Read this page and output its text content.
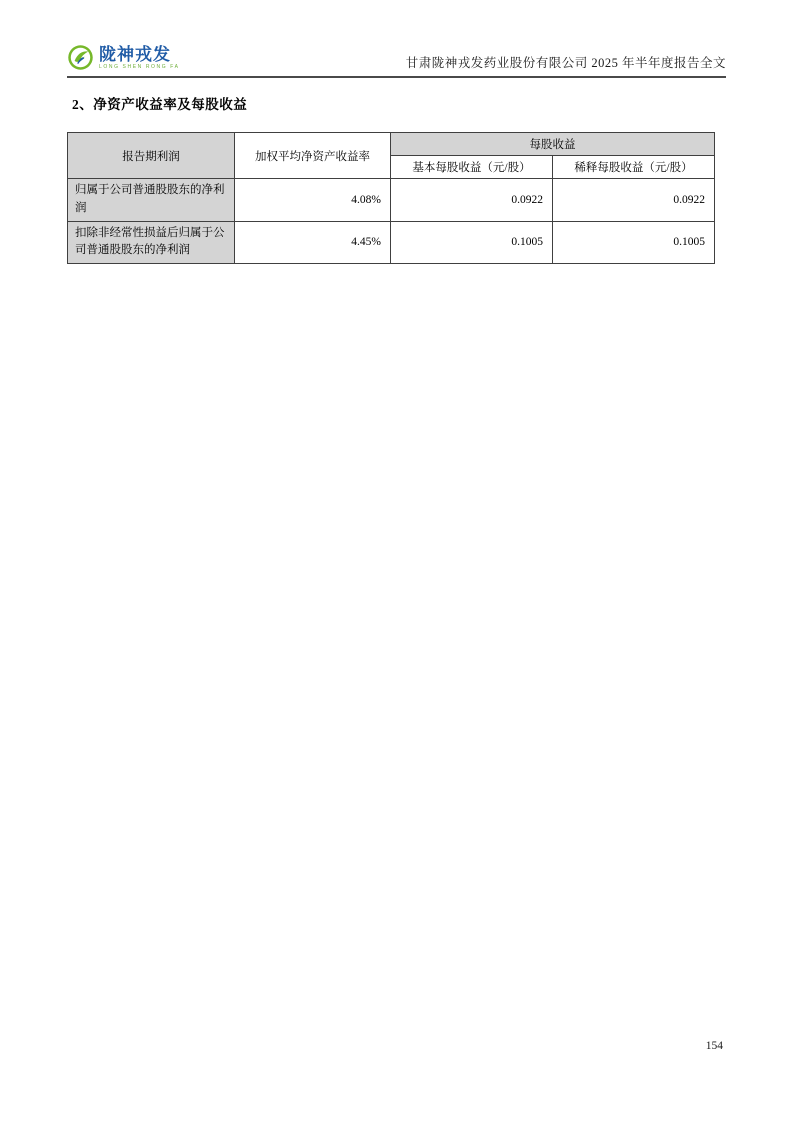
陇神戎发
LONG SHEN RONG FA	甘肃陇神戎发药业股份有限公司 2025 年半年度报告全文
2、净资产收益率及每股收益
报告期利润	加权平均净资产收益率	每股收益	
		基本每股收益（元/股）	稀释每股收益（元/股）
归属于公司普通股股东的净利润	4.08%	0.0922	0.0922
扣除非经常性损益后归属于公司普通股股东的净利润	4.45%	0.1005	0.1005
154
